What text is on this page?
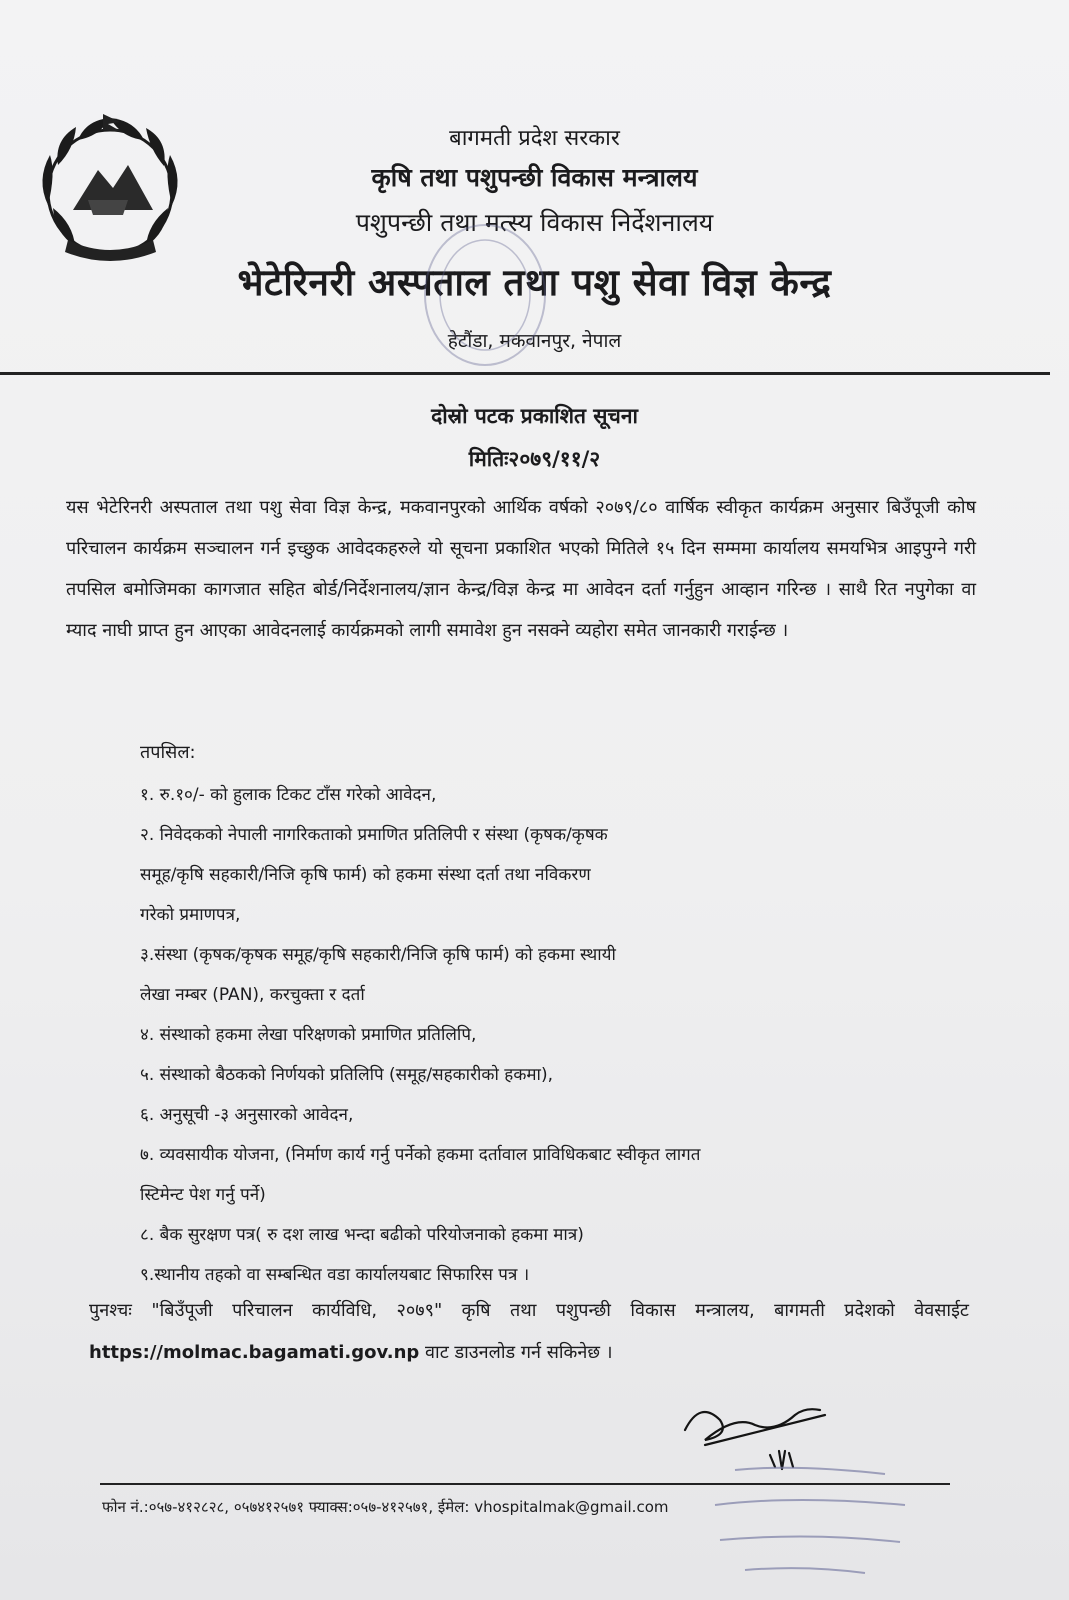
बागमती प्रदेश सरकार
कृषि तथा पशुपन्छी विकास मन्त्रालय
पशुपन्छी तथा मत्स्य विकास निर्देशनालय
भेटेरिनरी अस्पताल तथा पशु सेवा विज्ञ केन्द्र
हेटौंडा, मकवानपुर, नेपाल
दोस्रो पटक प्रकाशित सूचना
मितिः२०७९/११/२
यस भेटेरिनरी अस्पताल तथा पशु सेवा विज्ञ केन्द्र, मकवानपुरको आर्थिक वर्षको २०७९/८० वार्षिक स्वीकृत कार्यक्रम अनुसार बिउँपूजी कोष परिचालन कार्यक्रम सञ्चालन गर्न इच्छुक आवेदकहरुले यो सूचना प्रकाशित भएको मितिले १५ दिन सम्ममा कार्यालय समयभित्र आइपुग्ने गरी तपसिल बमोजिमका कागजात सहित बोर्ड/निर्देशनालय/ज्ञान केन्द्र/विज्ञ केन्द्र मा आवेदन दर्ता गर्नुहुन आव्हान गरिन्छ । साथै रित नपुगेका वा म्याद नाघी प्राप्त हुन आएका आवेदनलाई कार्यक्रमको लागी समावेश हुन नसक्ने व्यहोरा समेत जानकारी गराईन्छ ।
तपसिल:
१. रु.१०/- को हुलाक टिकट टाँस गरेको आवेदन,
२. निवेदकको नेपाली नागरिकताको प्रमाणित प्रतिलिपी र संस्था (कृषक/कृषक
समूह/कृषि सहकारी/निजि कृषि फार्म) को हकमा संस्था दर्ता तथा नविकरण
गरेको प्रमाणपत्र,
३.संस्था (कृषक/कृषक समूह/कृषि सहकारी/निजि कृषि फार्म) को हकमा स्थायी
लेखा नम्बर (PAN), करचुक्ता र दर्ता
४. संस्थाको हकमा लेखा परिक्षणको प्रमाणित प्रतिलिपि,
५. संस्थाको बैठकको निर्णयको प्रतिलिपि (समूह/सहकारीको हकमा),
६. अनुसूची -३ अनुसारको आवेदन,
७. व्यवसायीक योजना, (निर्माण कार्य गर्नु पर्नेको हकमा दर्तावाल प्राविधिकबाट स्वीकृत लागत
स्टिमेन्ट पेश गर्नु पर्ने)
८. बैक सुरक्षण पत्र( रु दश लाख भन्दा बढीको परियोजनाको हकमा मात्र)
९.स्थानीय तहको वा सम्बन्धित वडा कार्यालयबाट सिफारिस पत्र ।
पुनश्चः "बिउँपूजी परिचालन कार्यविधि, २०७९" कृषि तथा पशुपन्छी विकास मन्त्रालय, बागमती प्रदेशको वेवसाईट https://molmac.bagamati.gov.np वाट डाउनलोड गर्न सकिनेछ ।
फोन नं.:०५७-४१२८२८, ०५७४१२५७१ फ्याक्स:०५७-४१२५७१, ईमेल: vhospitalmak@gmail.com
